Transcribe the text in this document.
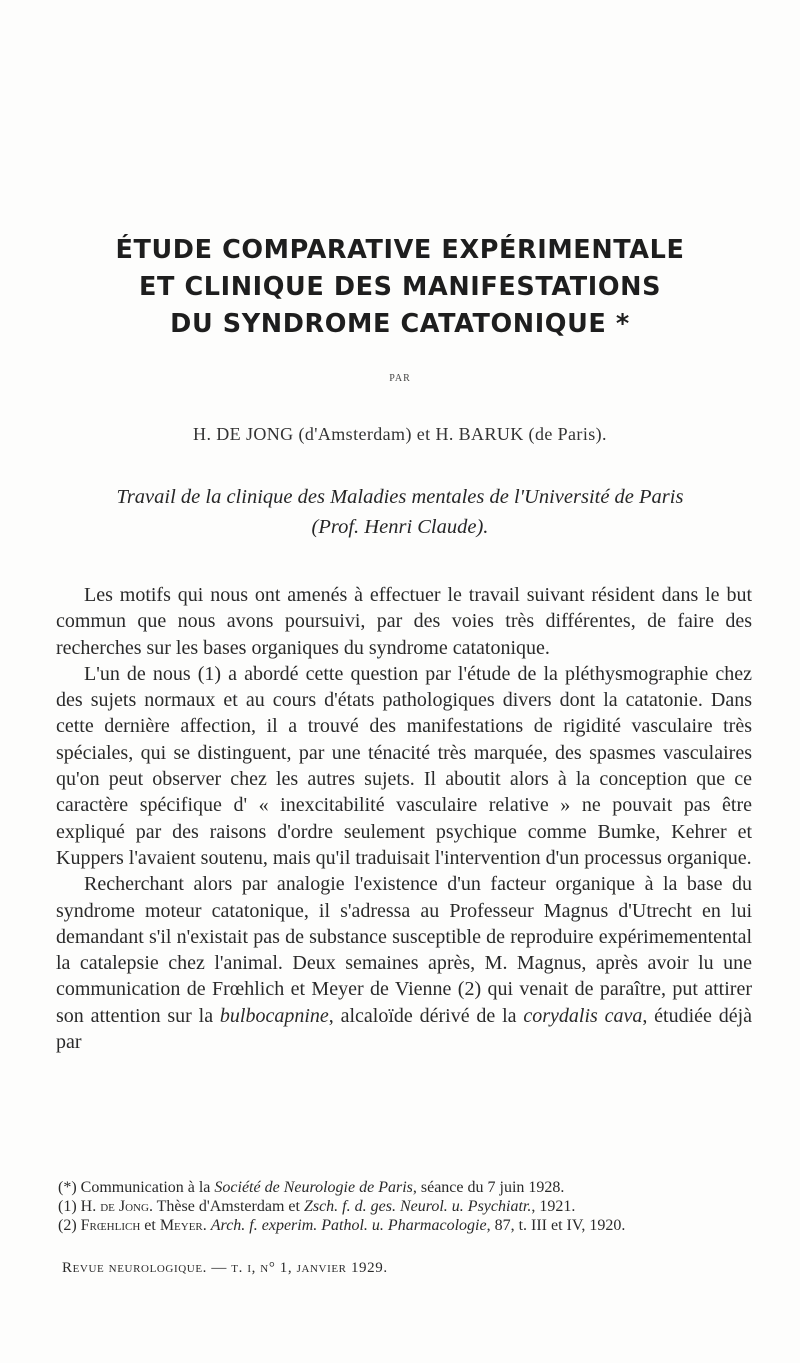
ÉTUDE COMPARATIVE EXPÉRIMENTALE
ET CLINIQUE DES MANIFESTATIONS
DU SYNDROME CATATONIQUE *
PAR
H. DE JONG (d'Amsterdam) et H. BARUK (de Paris).
Travail de la clinique des Maladies mentales de l'Université de Paris
(Prof. Henri Claude).

Les motifs qui nous ont amenés à effectuer le travail suivant résident dans le but commun que nous avons poursuivi, par des voies très différentes, de faire des recherches sur les bases organiques du syndrome catatonique.

L'un de nous (1) a abordé cette question par l'étude de la pléthysmographie chez des sujets normaux et au cours d'états pathologiques divers dont la catatonie. Dans cette dernière affection, il a trouvé des manifestations de rigidité vasculaire très spéciales, qui se distinguent, par une ténacité très marquée, des spasmes vasculaires qu'on peut observer chez les autres sujets. Il aboutit alors à la conception que ce caractère spécifique d' « inexcitabilité vasculaire relative » ne pouvait pas être expliqué par des raisons d'ordre seulement psychique comme Bumke, Kehrer et Kuppers l'avaient soutenu, mais qu'il traduisait l'intervention d'un processus organique.

Recherchant alors par analogie l'existence d'un facteur organique à la base du syndrome moteur catatonique, il s'adressa au Professeur Magnus d'Utrecht en lui demandant s'il n'existait pas de substance susceptible de reproduire expérimementental la catalepsie chez l'animal. Deux semaines après, M. Magnus, après avoir lu une communication de Frœhlich et Meyer de Vienne (2) qui venait de paraître, put attirer son attention sur la bulbocapnine, alcaloïde dérivé de la corydalis cava, étudiée déjà par

(*) Communication à la Société de Neurologie de Paris, séance du 7 juin 1928.

(1) H. de Jong. Thèse d'Amsterdam et Zsch. f. d. ges. Neurol. u. Psychiatr., 1921.

(2) Frœhlich et Meyer. Arch. f. experim. Pathol. u. Pharmacologie, 87, t. III et IV, 1920.

Revue neurologique. — t. i, n° 1, janvier 1929.
